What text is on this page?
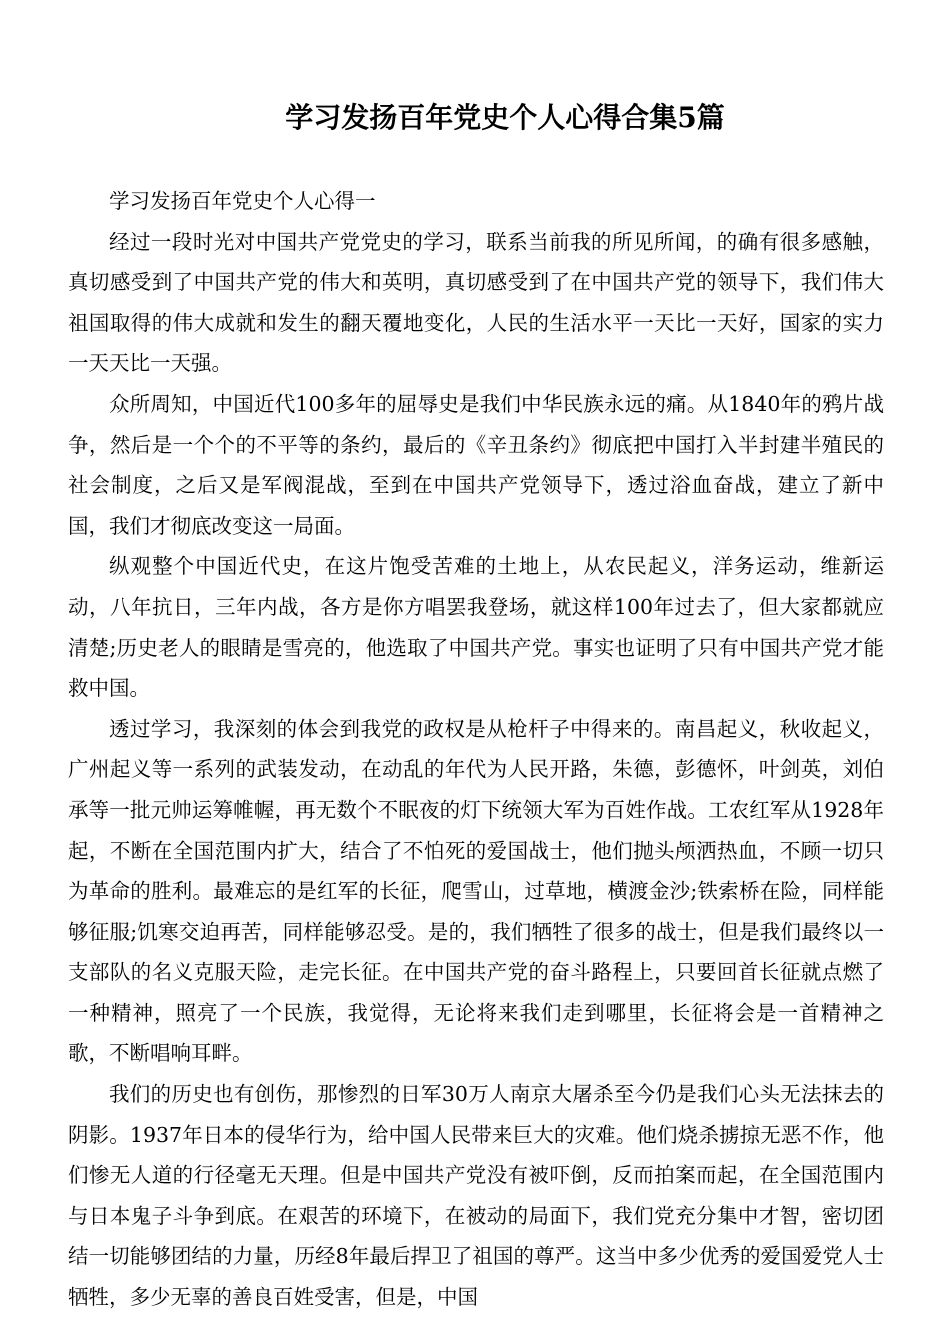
学习发扬百年党史个人心得合集5篇

学习发扬百年党史个人心得一

经过一段时光对中国共产党党史的学习，联系当前我的所见所闻，的确有很多感触，真切感受到了中国共产党的伟大和英明，真切感受到了在中国共产党的领导下，我们伟大祖国取得的伟大成就和发生的翻天覆地变化，人民的生活水平一天比一天好，国家的实力一天天比一天强。

众所周知，中国近代100多年的屈辱史是我们中华民族永远的痛。从1840年的鸦片战争，然后是一个个的不平等的条约，最后的《辛丑条约》彻底把中国打入半封建半殖民的社会制度，之后又是军阀混战，至到在中国共产党领导下，透过浴血奋战，建立了新中国，我们才彻底改变这一局面。

纵观整个中国近代史，在这片饱受苦难的土地上，从农民起义，洋务运动，维新运动，八年抗日，三年内战，各方是你方唱罢我登场，就这样100年过去了，但大家都就应清楚;历史老人的眼睛是雪亮的，他选取了中国共产党。事实也证明了只有中国共产党才能救中国。

透过学习，我深刻的体会到我党的政权是从枪杆子中得来的。南昌起义，秋收起义，广州起义等一系列的武装发动，在动乱的年代为人民开路，朱德，彭德怀，叶剑英，刘伯承等一批元帅运筹帷幄，再无数个不眠夜的灯下统领大军为百姓作战。工农红军从1928年起，不断在全国范围内扩大，结合了不怕死的爱国战士，他们抛头颅洒热血，不顾一切只为革命的胜利。最难忘的是红军的长征，爬雪山，过草地，横渡金沙;铁索桥在险，同样能够征服;饥寒交迫再苦，同样能够忍受。是的，我们牺牲了很多的战士，但是我们最终以一支部队的名义克服天险，走完长征。在中国共产党的奋斗路程上，只要回首长征就点燃了一种精神，照亮了一个民族，我觉得，无论将来我们走到哪里，长征将会是一首精神之歌，不断唱响耳畔。

我们的历史也有创伤，那惨烈的日军30万人南京大屠杀至今仍是我们心头无法抹去的阴影。1937年日本的侵华行为，给中国人民带来巨大的灾难。他们烧杀掳掠无恶不作，他们惨无人道的行径毫无天理。但是中国共产党没有被吓倒，反而拍案而起，在全国范围内与日本鬼子斗争到底。在艰苦的环境下，在被动的局面下，我们党充分集中才智，密切团结一切能够团结的力量，历经8年最后捍卫了祖国的尊严。这当中多少优秀的爱国爱党人士牺牲，多少无辜的善良百姓受害，但是，中国
